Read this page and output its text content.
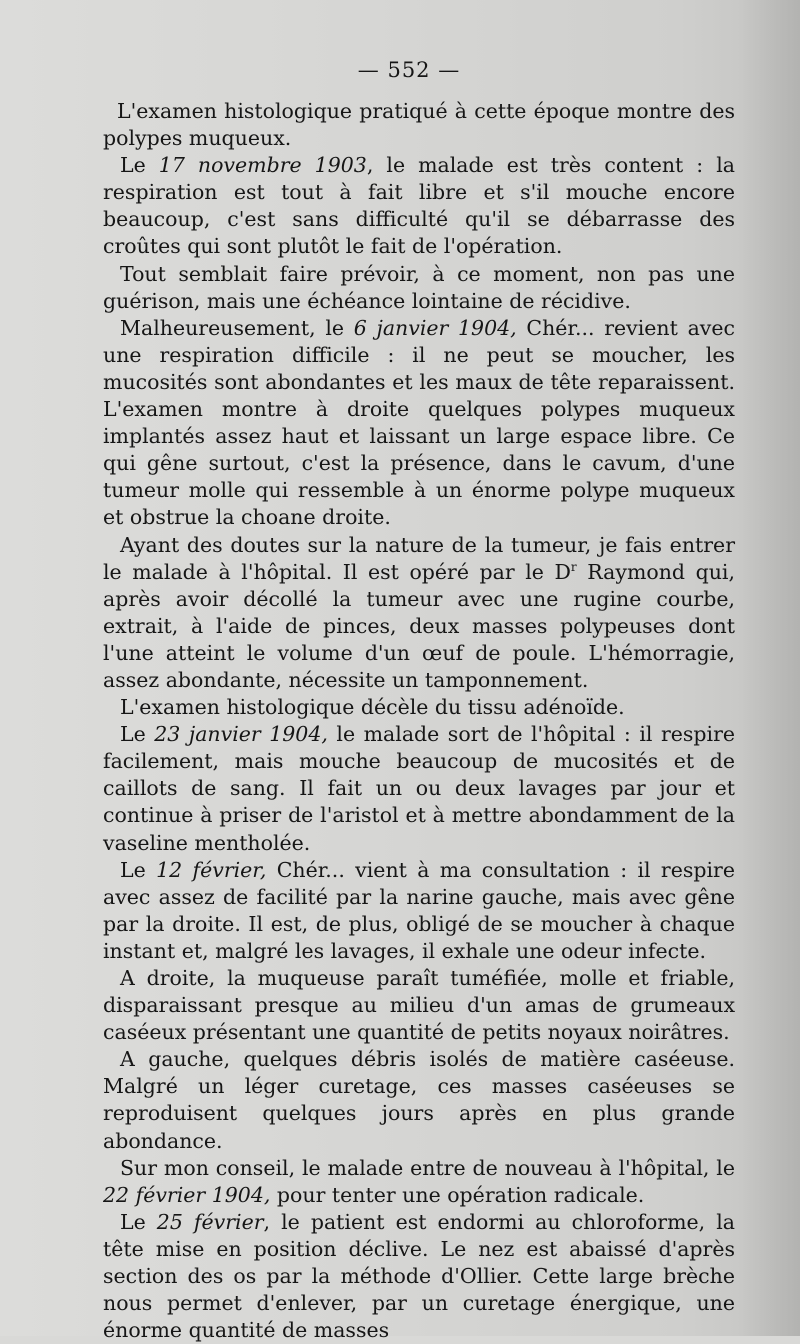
— 552 —

L'examen histologique pratiqué à cette époque montre des polypes muqueux.

Le 17 novembre 1903, le malade est très content : la respiration est tout à fait libre et s'il mouche encore beaucoup, c'est sans difficulté qu'il se débarrasse des croûtes qui sont plutôt le fait de l'opération.

Tout semblait faire prévoir, à ce moment, non pas une guérison, mais une échéance lointaine de récidive.

Malheureusement, le 6 janvier 1904, Chér... revient avec une respiration difficile : il ne peut se moucher, les mucosités sont abondantes et les maux de tête reparaissent. L'examen montre à droite quelques polypes muqueux implantés assez haut et laissant un large espace libre. Ce qui gêne surtout, c'est la présence, dans le cavum, d'une tumeur molle qui ressemble à un énorme polype muqueux et obstrue la choane droite.

Ayant des doutes sur la nature de la tumeur, je fais entrer le malade à l'hôpital. Il est opéré par le $D^r$ Raymond qui, après avoir décollé la tumeur avec une rugine courbe, extrait, à l'aide de pinces, deux masses polypeuses dont l'une atteint le volume d'un œuf de poule. L'hémorragie, assez abondante, nécessite un tamponnement.

L'examen histologique décèle du tissu adénoïde.

Le 23 janvier 1904, le malade sort de l'hôpital : il respire facilement, mais mouche beaucoup de mucosités et de caillots de sang. Il fait un ou deux lavages par jour et continue à priser de l'aristol et à mettre abondamment de la vaseline mentholée.

Le 12 février, Chér... vient à ma consultation : il respire avec assez de facilité par la narine gauche, mais avec gêne par la droite. Il est, de plus, obligé de se moucher à chaque instant et, malgré les lavages, il exhale une odeur infecte.

A droite, la muqueuse paraît tuméfiée, molle et friable, disparaissant presque au milieu d'un amas de grumeaux caséeux présentant une quantité de petits noyaux noirâtres.

A gauche, quelques débris isolés de matière caséeuse. Malgré un léger curetage, ces masses caséeuses se reproduisent quelques jours après en plus grande abondance.

Sur mon conseil, le malade entre de nouveau à l'hôpital, le 22 février 1904, pour tenter une opération radicale.

Le 25 février, le patient est endormi au chloroforme, la tête mise en position déclive. Le nez est abaissé d'après section des os par la méthode d'Ollier. Cette large brèche nous permet d'enlever, par un curetage énergique, une énorme quantité de masses
